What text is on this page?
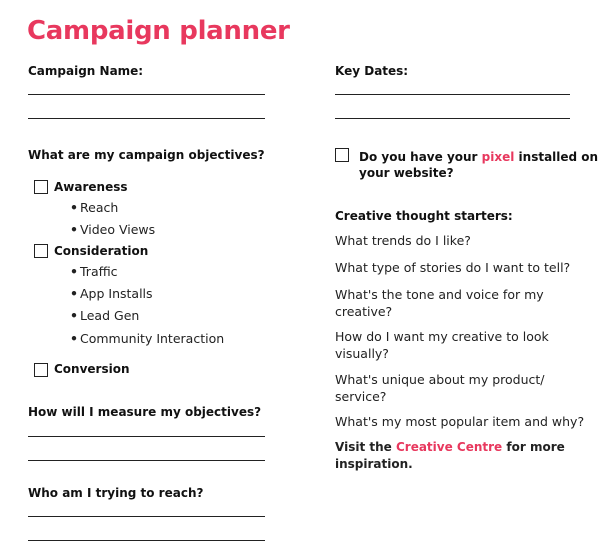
Campaign planner
Campaign Name:
What are my campaign objectives?
Awareness
• Reach
• Video Views
Consideration
• Traffic
• App Installs
• Lead Gen
• Community Interaction
Conversion
How will I measure my objectives?
Who am I trying to reach?
Key Dates:
Do you have your pixel installed on
your website?
Creative thought starters:
What trends do I like?
What type of stories do I want to tell?
What's the tone and voice for my
creative?
How do I want my creative to look
visually?
What's unique about my product/
service?
What's my most popular item and why?
Visit the Creative Centre for more
inspiration.
